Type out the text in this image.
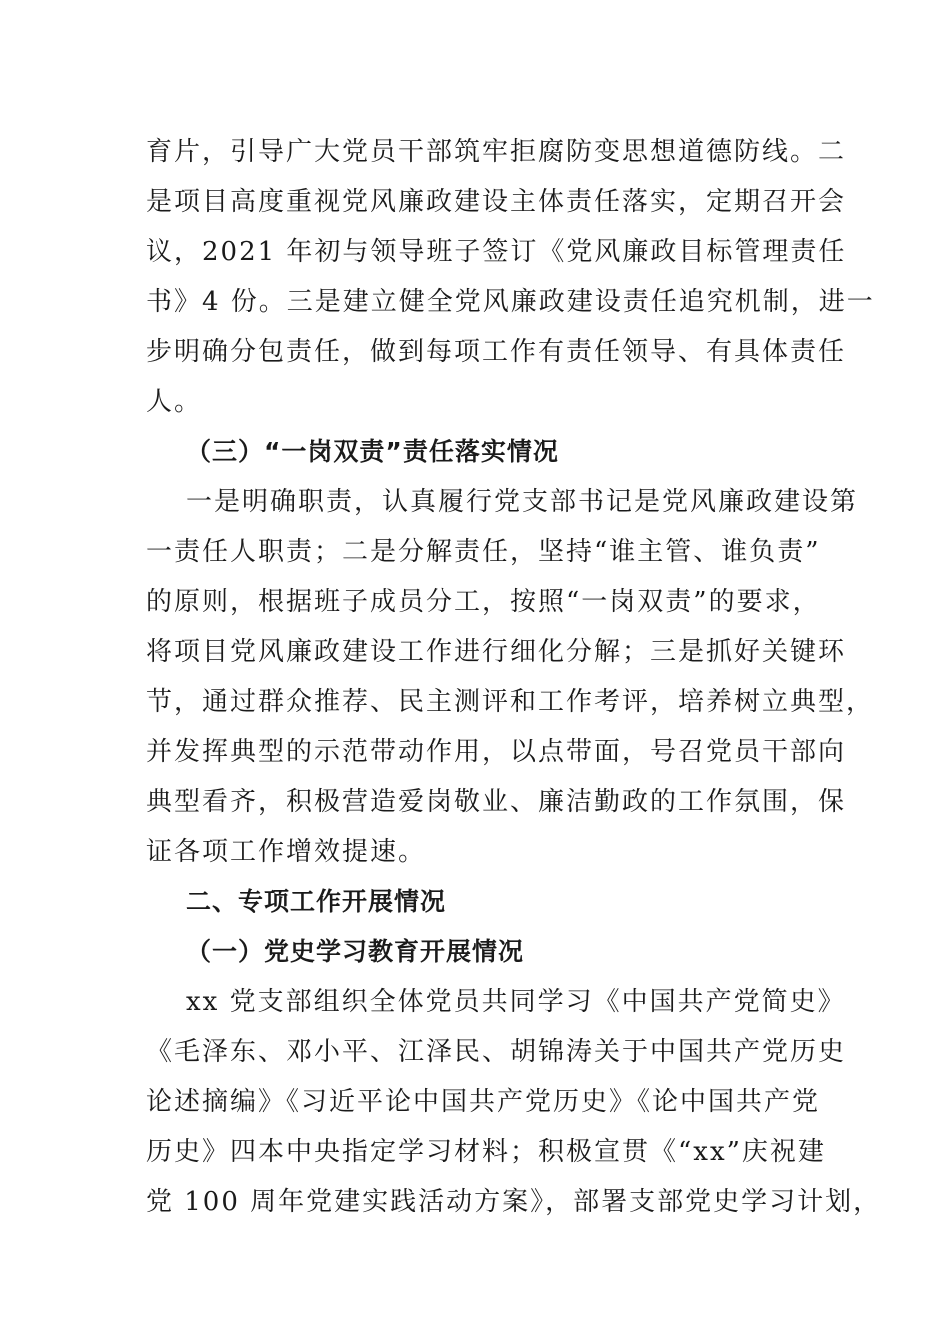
育片，引导广大党员干部筑牢拒腐防变思想道德防线。二
是项目高度重视党风廉政建设主体责任落实，定期召开会
议，2021 年初与领导班子签订《党风廉政目标管理责任
书》4 份。三是建立健全党风廉政建设责任追究机制，进一
步明确分包责任，做到每项工作有责任领导、有具体责任
人。
（三）“一岗双责”责任落实情况
一是明确职责，认真履行党支部书记是党风廉政建设第
一责任人职责；二是分解责任，坚持“谁主管、谁负责”
的原则，根据班子成员分工，按照“一岗双责”的要求，
将项目党风廉政建设工作进行细化分解；三是抓好关键环
节，通过群众推荐、民主测评和工作考评，培养树立典型，
并发挥典型的示范带动作用，以点带面，号召党员干部向
典型看齐，积极营造爱岗敬业、廉洁勤政的工作氛围，保
证各项工作增效提速。
二、专项工作开展情况
（一）党史学习教育开展情况
xx 党支部组织全体党员共同学习《中国共产党简史》
《毛泽东、邓小平、江泽民、胡锦涛关于中国共产党历史
论述摘编》《习近平论中国共产党历史》《论中国共产党
历史》四本中央指定学习材料；积极宣贯《“xx”庆祝建
党 100 周年党建实践活动方案》，部署支部党史学习计划，
